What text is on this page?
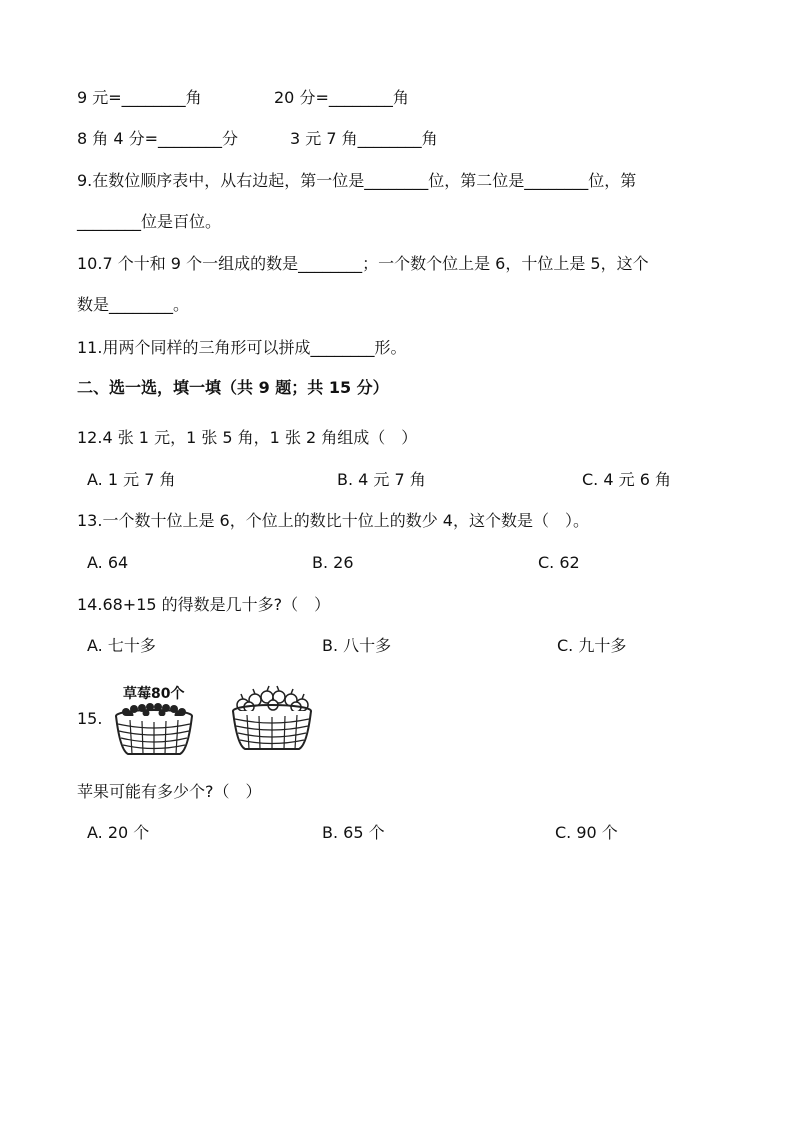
9 元=________角	20 分=________角
8 角 4 分=________分	3 元 7 角________角
9.在数位顺序表中，从右边起，第一位是________位，第二位是________位，第
________位是百位。
10.7 个十和 9 个一组成的数是________；一个数个位上是 6，十位上是 5，这个
数是________。
11.用两个同样的三角形可以拼成________形。
二、选一选，填一填（共 9 题；共 15 分）
12.4 张 1 元，1 张 5 角，1 张 2 角组成（　）
A. 1 元 7 角	B. 4 元 7 角	C. 4 元 6 角
13.一个数十位上是 6，个位上的数比十位上的数少 4，这个数是（　）。
A. 64	B. 26	C. 62
14.68+15 的得数是几十多?（　）
A. 七十多	B. 八十多	C. 九十多
15.
草莓80个
苹果可能有多少个?（　）
A. 20 个	B. 65 个	C. 90 个
